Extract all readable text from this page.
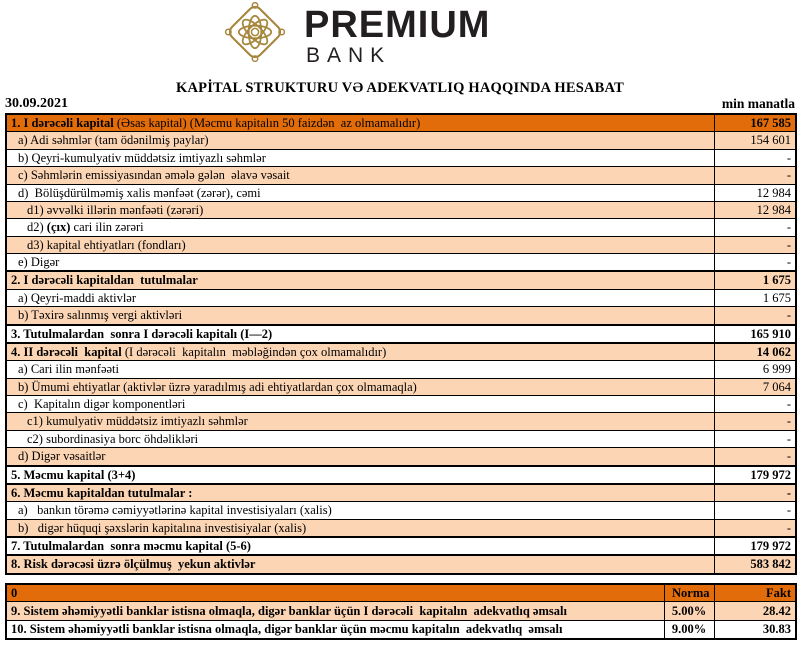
PREMIUM
BANK
KAPİTAL STRUKTURU VƏ ADEKVATLIQ HAQQINDA HESABAT
30.09.2021	min manatla
1. I dərəcəli kapital (Əsas kapital) (Məcmu kapitalın 50 faizdən  az olmamalıdır)	167 585
a) Adi səhmlər (tam ödənilmiş paylar)	154 601
b) Qeyri-kumulyativ müddətsiz imtiyazlı səhmlər	-
c) Səhmlərin emissiyasından əmələ gələn  əlavə vəsait	-
d)  Bölüşdürülməmiş xalis mənfəət (zərər), cəmi	12 984
d1) əvvəlki illərin mənfəəti (zərəri)	12 984
d2) (çıx) cari ilin zərəri	-
d3) kapital ehtiyatları (fondları)	-
e) Digər	-
2. I dərəcəli kapitaldan  tutulmalar	1 675
a) Qeyri-maddi aktivlər	1 675
b) Təxirə salınmış vergi aktivləri	-
3. Tutulmalardan  sonra I dərəcəli kapitalı (I—2)	165 910
4. II dərəcəli  kapital (I dərəcəli  kapitalın  məbləğindən çox olmamalıdır)	14 062
a) Cari ilin mənfəəti	6 999
b) Ümumi ehtiyatlar (aktivlər üzrə yaradılmış adi ehtiyatlardan çox olmamaqla)	7 064
c)  Kapitalın digər komponentləri	-
c1) kumulyativ müddətsiz imtiyazlı səhmlər	-
c2) subordinasiya borc öhdəlikləri	-
d) Digər vəsaitlər	-
5. Məcmu kapital (3+4)	179 972
6. Məcmu kapitaldan tutulmalar :	-
a)   bankın törəmə cəmiyyətlərinə kapital investisiyaları (xalis)	-
b)   digər hüquqi şəxslərin kapitalına investisiyalar (xalis)	-
7. Tutulmalardan  sonra məcmu kapital (5-6)	179 972
8. Risk dərəcəsi üzrə ölçülmuş  yekun aktivlər	583 842
0	Norma	Fakt
9. Sistem əhəmiyyətli banklar istisna olmaqla, digər banklar üçün I dərəcəli  kapitalın  adekvatlıq əmsalı	5.00%	28.42
10. Sistem əhəmiyyətli banklar istisna olmaqla, digər banklar üçün məcmu kapitalın  adekvatlıq  əmsalı	9.00%	30.83
